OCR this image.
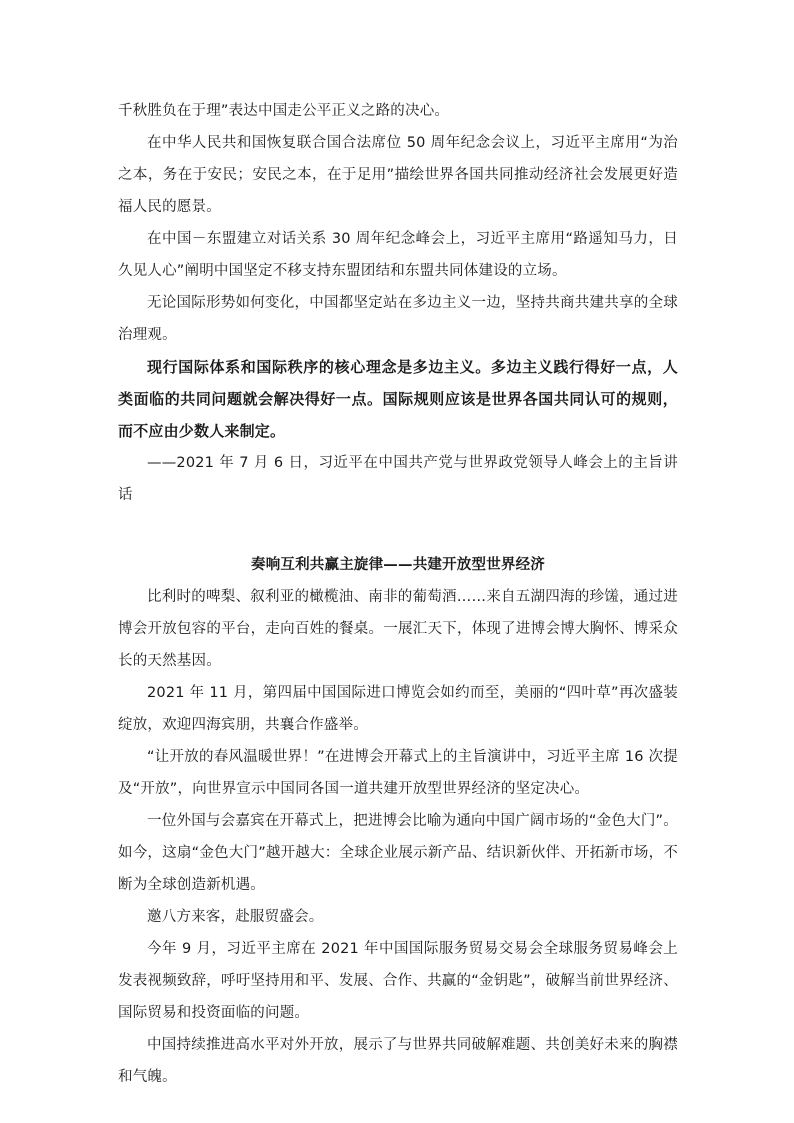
千秋胜负在于理”表达中国走公平正义之路的决心。

在中华人民共和国恢复联合国合法席位 50 周年纪念会议上，习近平主席用“为治之本，务在于安民；安民之本，在于足用”描绘世界各国共同推动经济社会发展更好造福人民的愿景。

在中国－东盟建立对话关系 30 周年纪念峰会上，习近平主席用“路遥知马力，日久见人心”阐明中国坚定不移支持东盟团结和东盟共同体建设的立场。

无论国际形势如何变化，中国都坚定站在多边主义一边，坚持共商共建共享的全球治理观。

现行国际体系和国际秩序的核心理念是多边主义。多边主义践行得好一点，人类面临的共同问题就会解决得好一点。国际规则应该是世界各国共同认可的规则，而不应由少数人来制定。

——2021 年 7 月 6 日，习近平在中国共产党与世界政党领导人峰会上的主旨讲话

奏响互利共赢主旋律——共建开放型世界经济

比利时的啤梨、叙利亚的橄榄油、南非的葡萄酒……来自五湖四海的珍馐，通过进博会开放包容的平台，走向百姓的餐桌。一展汇天下，体现了进博会博大胸怀、博采众长的天然基因。

2021 年 11 月，第四届中国国际进口博览会如约而至，美丽的“四叶草”再次盛装绽放，欢迎四海宾朋，共襄合作盛举。

“让开放的春风温暖世界！”在进博会开幕式上的主旨演讲中，习近平主席 16 次提及“开放”，向世界宣示中国同各国一道共建开放型世界经济的坚定决心。

一位外国与会嘉宾在开幕式上，把进博会比喻为通向中国广阔市场的“金色大门”。如今，这扇“金色大门”越开越大：全球企业展示新产品、结识新伙伴、开拓新市场，不断为全球创造新机遇。

邀八方来客，赴服贸盛会。

今年 9 月，习近平主席在 2021 年中国国际服务贸易交易会全球服务贸易峰会上发表视频致辞，呼吁坚持用和平、发展、合作、共赢的“金钥匙”，破解当前世界经济、国际贸易和投资面临的问题。

中国持续推进高水平对外开放，展示了与世界共同破解难题、共创美好未来的胸襟和气魄。
